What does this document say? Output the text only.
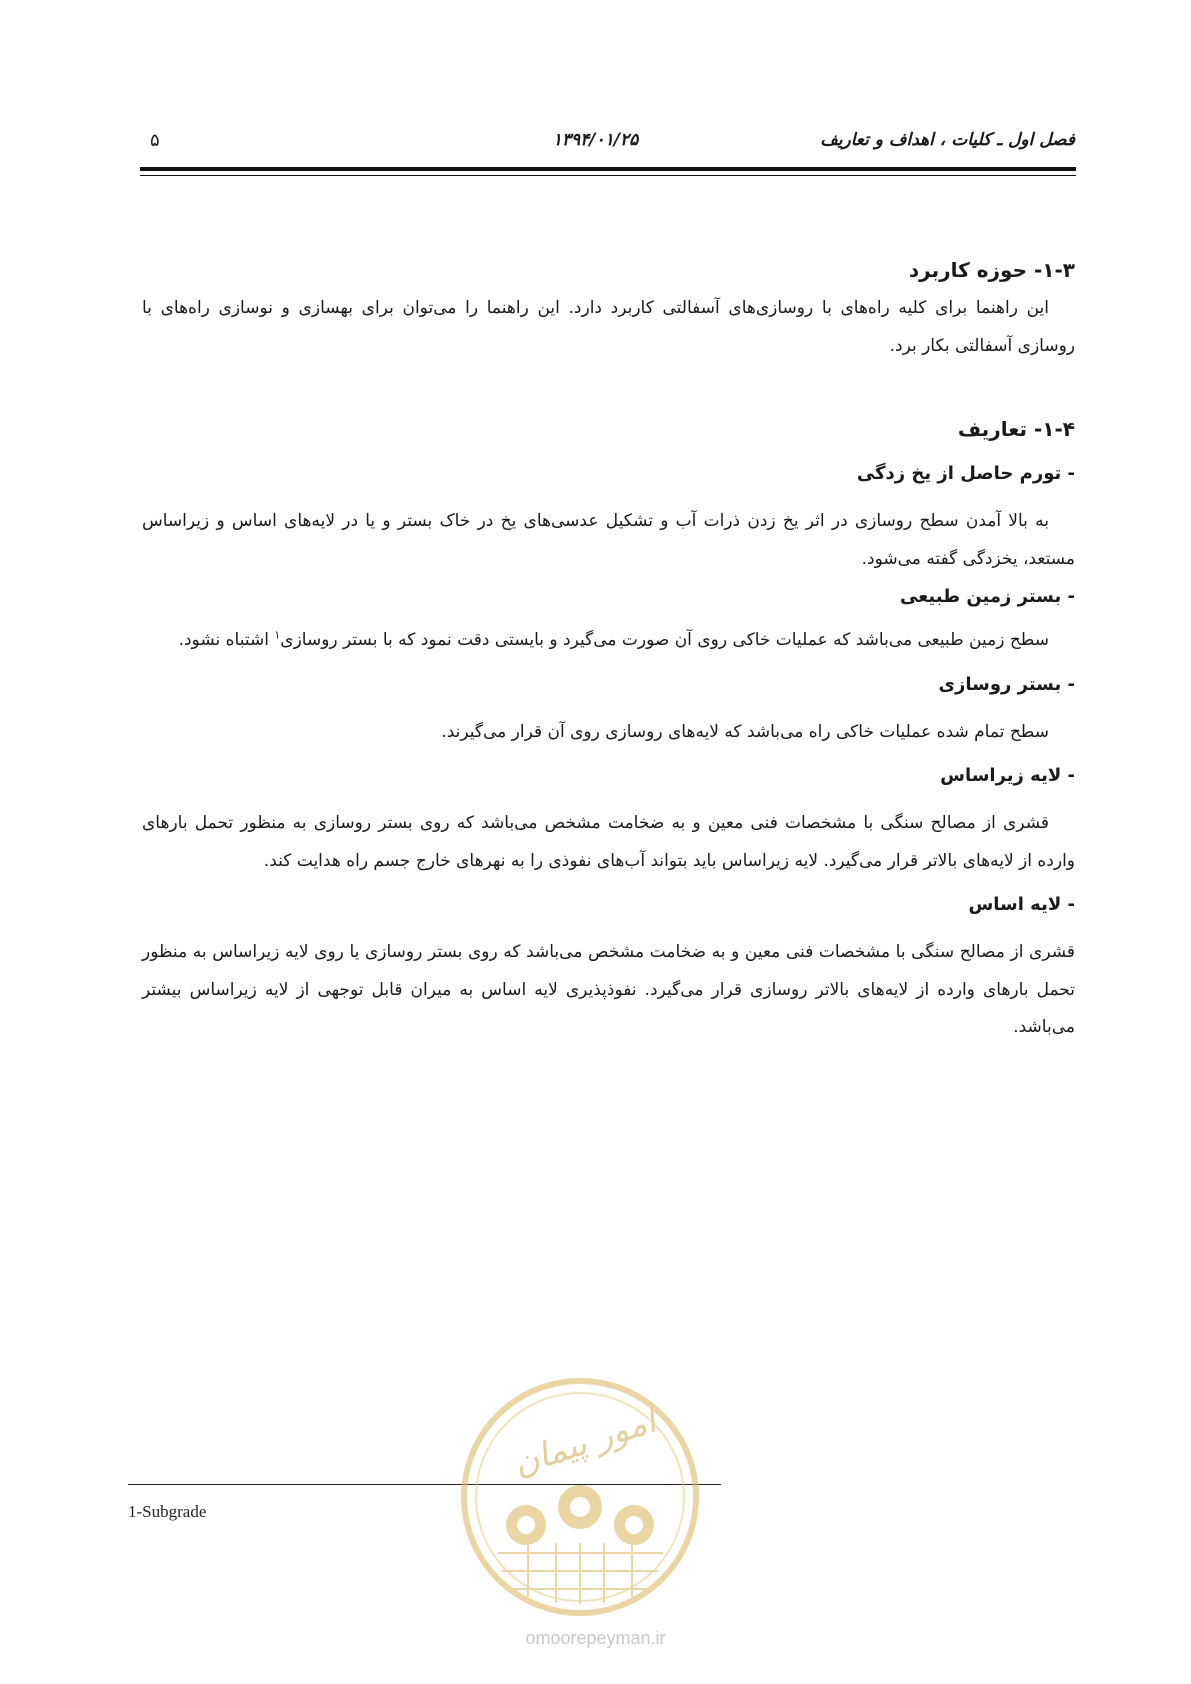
فصل اول ـ کلیات ، اهداف و تعاریف
۱۳۹۴/۰۱/۲۵
۵
۱-۳- حوزه کاربرد

این راهنما برای کلیه راه‌های با روسازی‌های آسفالتی کاربرد دارد. این راهنما را می‌توان برای بهسازی و نوسازی راه‌های با روسازی آسفالتی بکار برد.

۱-۴- تعاریف
- تورم حاصل از یخ زدگی

به بالا آمدن سطح روسازی در اثر یخ زدن ذرات آب و تشکیل عدسی‌های یخ در خاک بستر و یا در لایه‌های اساس و زیراساس مستعد، یخزدگی گفته می‌شود.

- بستر زمین طبیعی

سطح زمین طبیعی می‌باشد که عملیات خاکی روی آن صورت می‌گیرد و بایستی دقت نمود که با بستر روسازی$^۱$ اشتباه نشود.

- بستر روسازی

سطح تمام شده عملیات خاکی راه می‌باشد که لایه‌های روسازی روی آن قرار می‌گیرند.

- لایه زیراساس

قشری از مصالح سنگی با مشخصات فنی معین و به ضخامت مشخص می‌باشد که روی بستر روسازی به منظور تحمل بارهای وارده از لایه‌های بالاتر قرار می‌گیرد. لایه زیراساس باید بتواند آب‌های نفوذی را به نهرهای خارج جسم راه هدایت کند.

- لایه اساس

قشری از مصالح سنگی با مشخصات فنی معین و به ضخامت مشخص می‌باشد که روی بستر روسازی یا روی لایه زیراساس به منظور تحمل بارهای وارده از لایه‌های بالاتر روسازی قرار می‌گیرد. نفوذپذیری لایه اساس به میران قابل توجهی از لایه زیراساس بیشتر می‌باشد.

1-Subgrade
امور پیمان
omoorepeyman.ir
